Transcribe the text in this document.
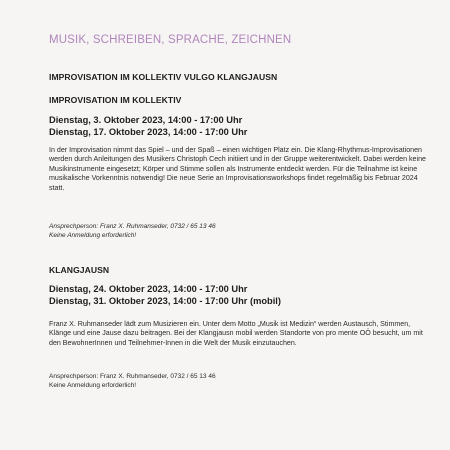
MUSIK, SCHREIBEN, SPRACHE, ZEICHNEN
IMPROVISATION IM KOLLEKTIV VULGO KLANGJAUSN
IMPROVISATION IM KOLLEKTIV
Dienstag, 3. Oktober 2023, 14:00 - 17:00 Uhr
Dienstag, 17. Oktober 2023, 14:00 - 17:00 Uhr
In der Improvisation nimmt das Spiel – und der Spaß – einen wichtigen Platz ein. Die Klang-Rhythmus-Improvisationen werden durch Anleitungen des Musikers Christoph Cech initiiert und in der Gruppe weiterentwickelt. Dabei werden keine Musikinstrumente eingesetzt; Körper und Stimme sollen als Instrumente entdeckt werden. Für die Teilnahme ist keine musikalische Vorkenntnis notwendig! Die neue Serie an Improvisationsworkshops findet regelmäßig bis Februar 2024 statt.
Ansprechperson: Franz X. Ruhmanseder, 0732 / 65 13 46
Keine Anmeldung erforderlich!
KLANGJAUSN
Dienstag, 24. Oktober 2023, 14:00 - 17:00 Uhr
Dienstag, 31. Oktober 2023, 14:00 - 17:00 Uhr (mobil)
Franz X. Ruhmanseder lädt zum Musizieren ein. Unter dem Motto „Musik ist Medizin“ werden Austausch, Stimmen, Klänge und eine Jause dazu beitragen. Bei der Klangjausn mobil werden Standorte von pro mente OÖ besucht, um mit den BewohnerInnen und Teilnehmer-Innen in die Welt der Musik einzutauchen.
Ansprechperson: Franz X. Ruhmanseder, 0732 / 65 13 46
Keine Anmeldung erforderlich!
